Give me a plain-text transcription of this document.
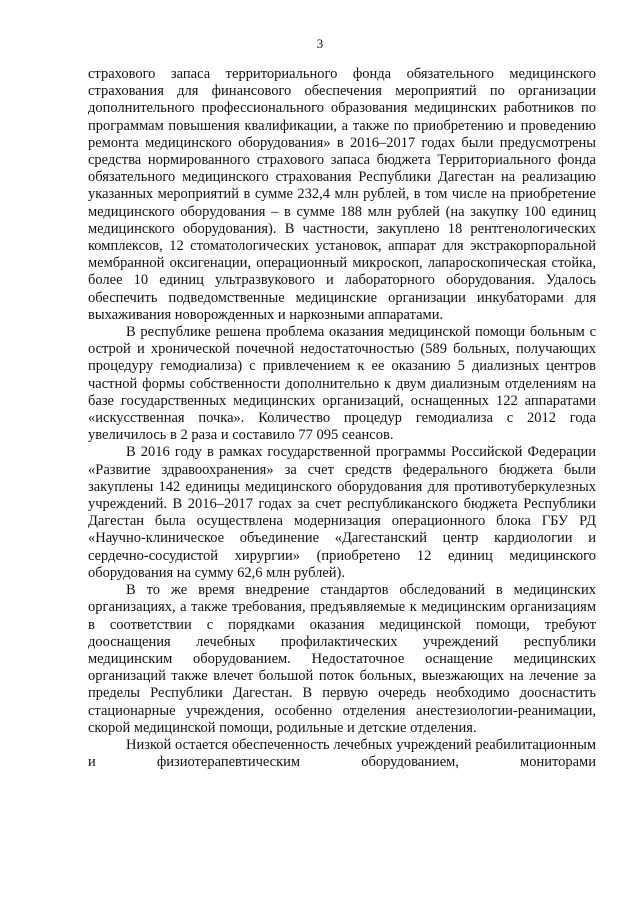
3

страхового запаса территориального фонда обязательного медицинского страхования для финансового обеспечения мероприятий по организации дополнительного профессионального образования медицинских работников по программам повышения квалификации, а также по приобретению и проведению ремонта медицинского оборудования» в 2016–2017 годах были предусмотрены средства нормированного страхового запаса бюджета Территориального фонда обязательного медицинского страхования Республики Дагестан на реализацию указанных мероприятий в сумме 232,4 млн рублей, в том числе на приобретение медицинского оборудования – в сумме 188 млн рублей (на закупку 100 единиц медицинского оборудования). В частности, закуплено 18 рентгенологических комплексов, 12 стоматологических установок, аппарат для экстракорпоральной мембранной оксигенации, операционный микроскоп, лапароскопическая стойка, более 10 единиц ультразвукового и лабораторного оборудования. Удалось обеспечить подведомственные медицинские организации инкубаторами для выхаживания новорожденных и наркозными аппаратами.

В республике решена проблема оказания медицинской помощи больным с острой и хронической почечной недостаточностью (589 больных, получающих процедуру гемодиализа) с привлечением к ее оказанию 5 диализных центров частной формы собственности дополнительно к двум диализным отделениям на базе государственных медицинских организаций, оснащенных 122 аппаратами «искусственная почка». Количество процедур гемодиализа с 2012 года увеличилось в 2 раза и составило 77 095 сеансов.

В 2016 году в рамках государственной программы Российской Федерации «Развитие здравоохранения» за счет средств федерального бюджета были закуплены 142 единицы медицинского оборудования для противотуберкулезных учреждений. В 2016–2017 годах за счет республиканского бюджета Республики Дагестан была осуществлена модернизация операционного блока ГБУ РД «Научно-клиническое объединение «Дагестанский центр кардиологии и сердечно-сосудистой хирургии» (приобретено 12 единиц медицинского оборудования на сумму 62,6 млн рублей).

В то же время внедрение стандартов обследований в медицинских организациях, а также требования, предъявляемые к медицинским организациям в соответствии с порядками оказания медицинской помощи, требуют дооснащения лечебных профилактических учреждений республики медицинским оборудованием. Недостаточное оснащение медицинских организаций также влечет большой поток больных, выезжающих на лечение за пределы Республики Дагестан. В первую очередь необходимо дооснастить стационарные учреждения, особенно отделения анестезиологии-реанимации, скорой медицинской помощи, родильные и детские отделения.

Низкой остается обеспеченность лечебных учреждений реабилитационным и физиотерапевтическим оборудованием, мониторами
